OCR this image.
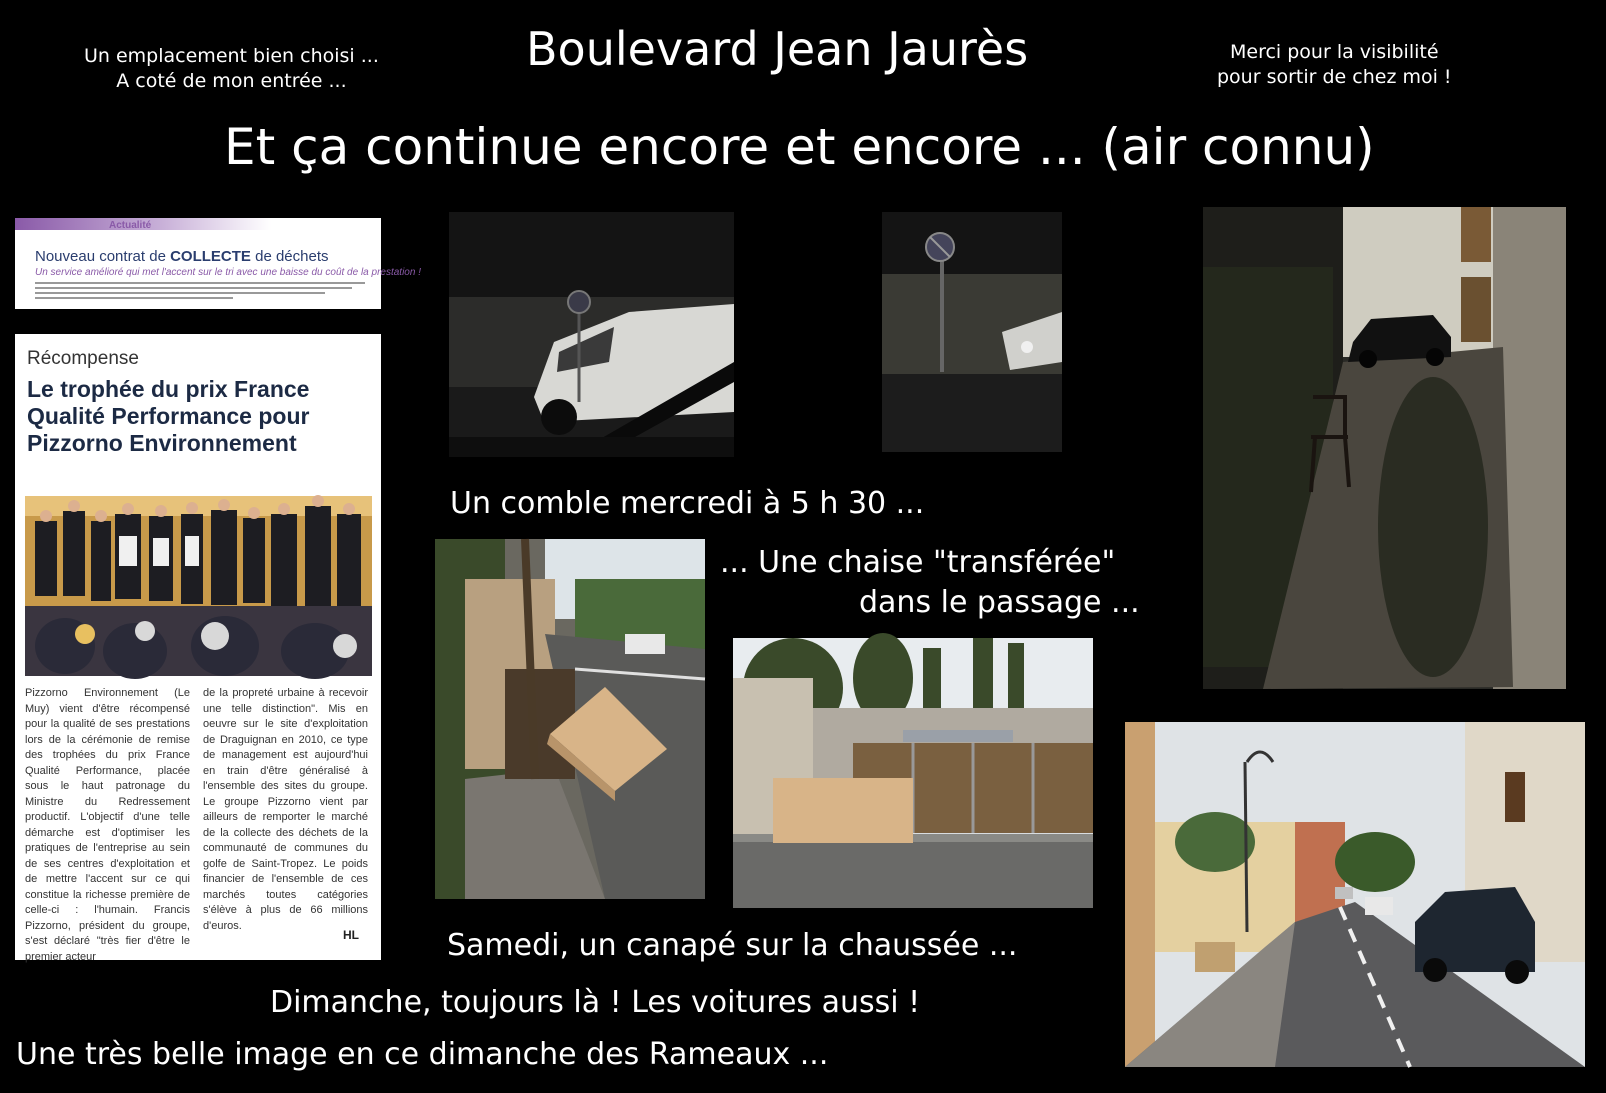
Un emplacement bien choisi ...
A coté de mon entrée ...
Boulevard Jean Jaurès	Merci pour la visibilité
pour sortir de chez moi !
Et ça continue encore et encore ... (air connu)
Actualité
Nouveau contrat de COLLECTE de déchets
Un service amélioré qui met l'accent sur le tri avec une baisse du coût de la prestation !
Récompense
Le trophée du prix France Qualité Performance pour Pizzorno Environnement
Pizzorno Environnement (Le Muy) vient d'être récompensé pour la qualité de ses prestations lors de la cérémonie de remise des trophées du prix France Qualité Performance, placée sous le haut patronage du Ministre du Redressement productif. L'objectif d'une telle démarche est d'optimiser les pratiques de l'entreprise au sein de ses centres d'exploitation et de mettre l'accent sur ce qui constitue la richesse première de celle-ci : l'humain. Francis Pizzorno, président du groupe, s'est déclaré "très fier d'être le premier acteur
de la propreté urbaine à recevoir une telle distinction". Mis en oeuvre sur le site d'exploitation de Draguignan en 2010, ce type de management est aujourd'hui en train d'être généralisé à l'ensemble des sites du groupe. Le groupe Pizzorno vient par ailleurs de remporter le marché de la collecte des déchets de la communauté de communes du golfe de Saint-Tropez. Le poids financier de l'ensemble de ces marchés toutes catégories s'élève à plus de 66 millions d'euros.
HL
Un comble mercredi à 5 h 30 ...
... Une chaise "transférée"
dans le passage ...
Samedi, un canapé sur la chaussée ...
Dimanche, toujours là ! Les voitures aussi !
Une très belle image en ce dimanche des Rameaux ...
